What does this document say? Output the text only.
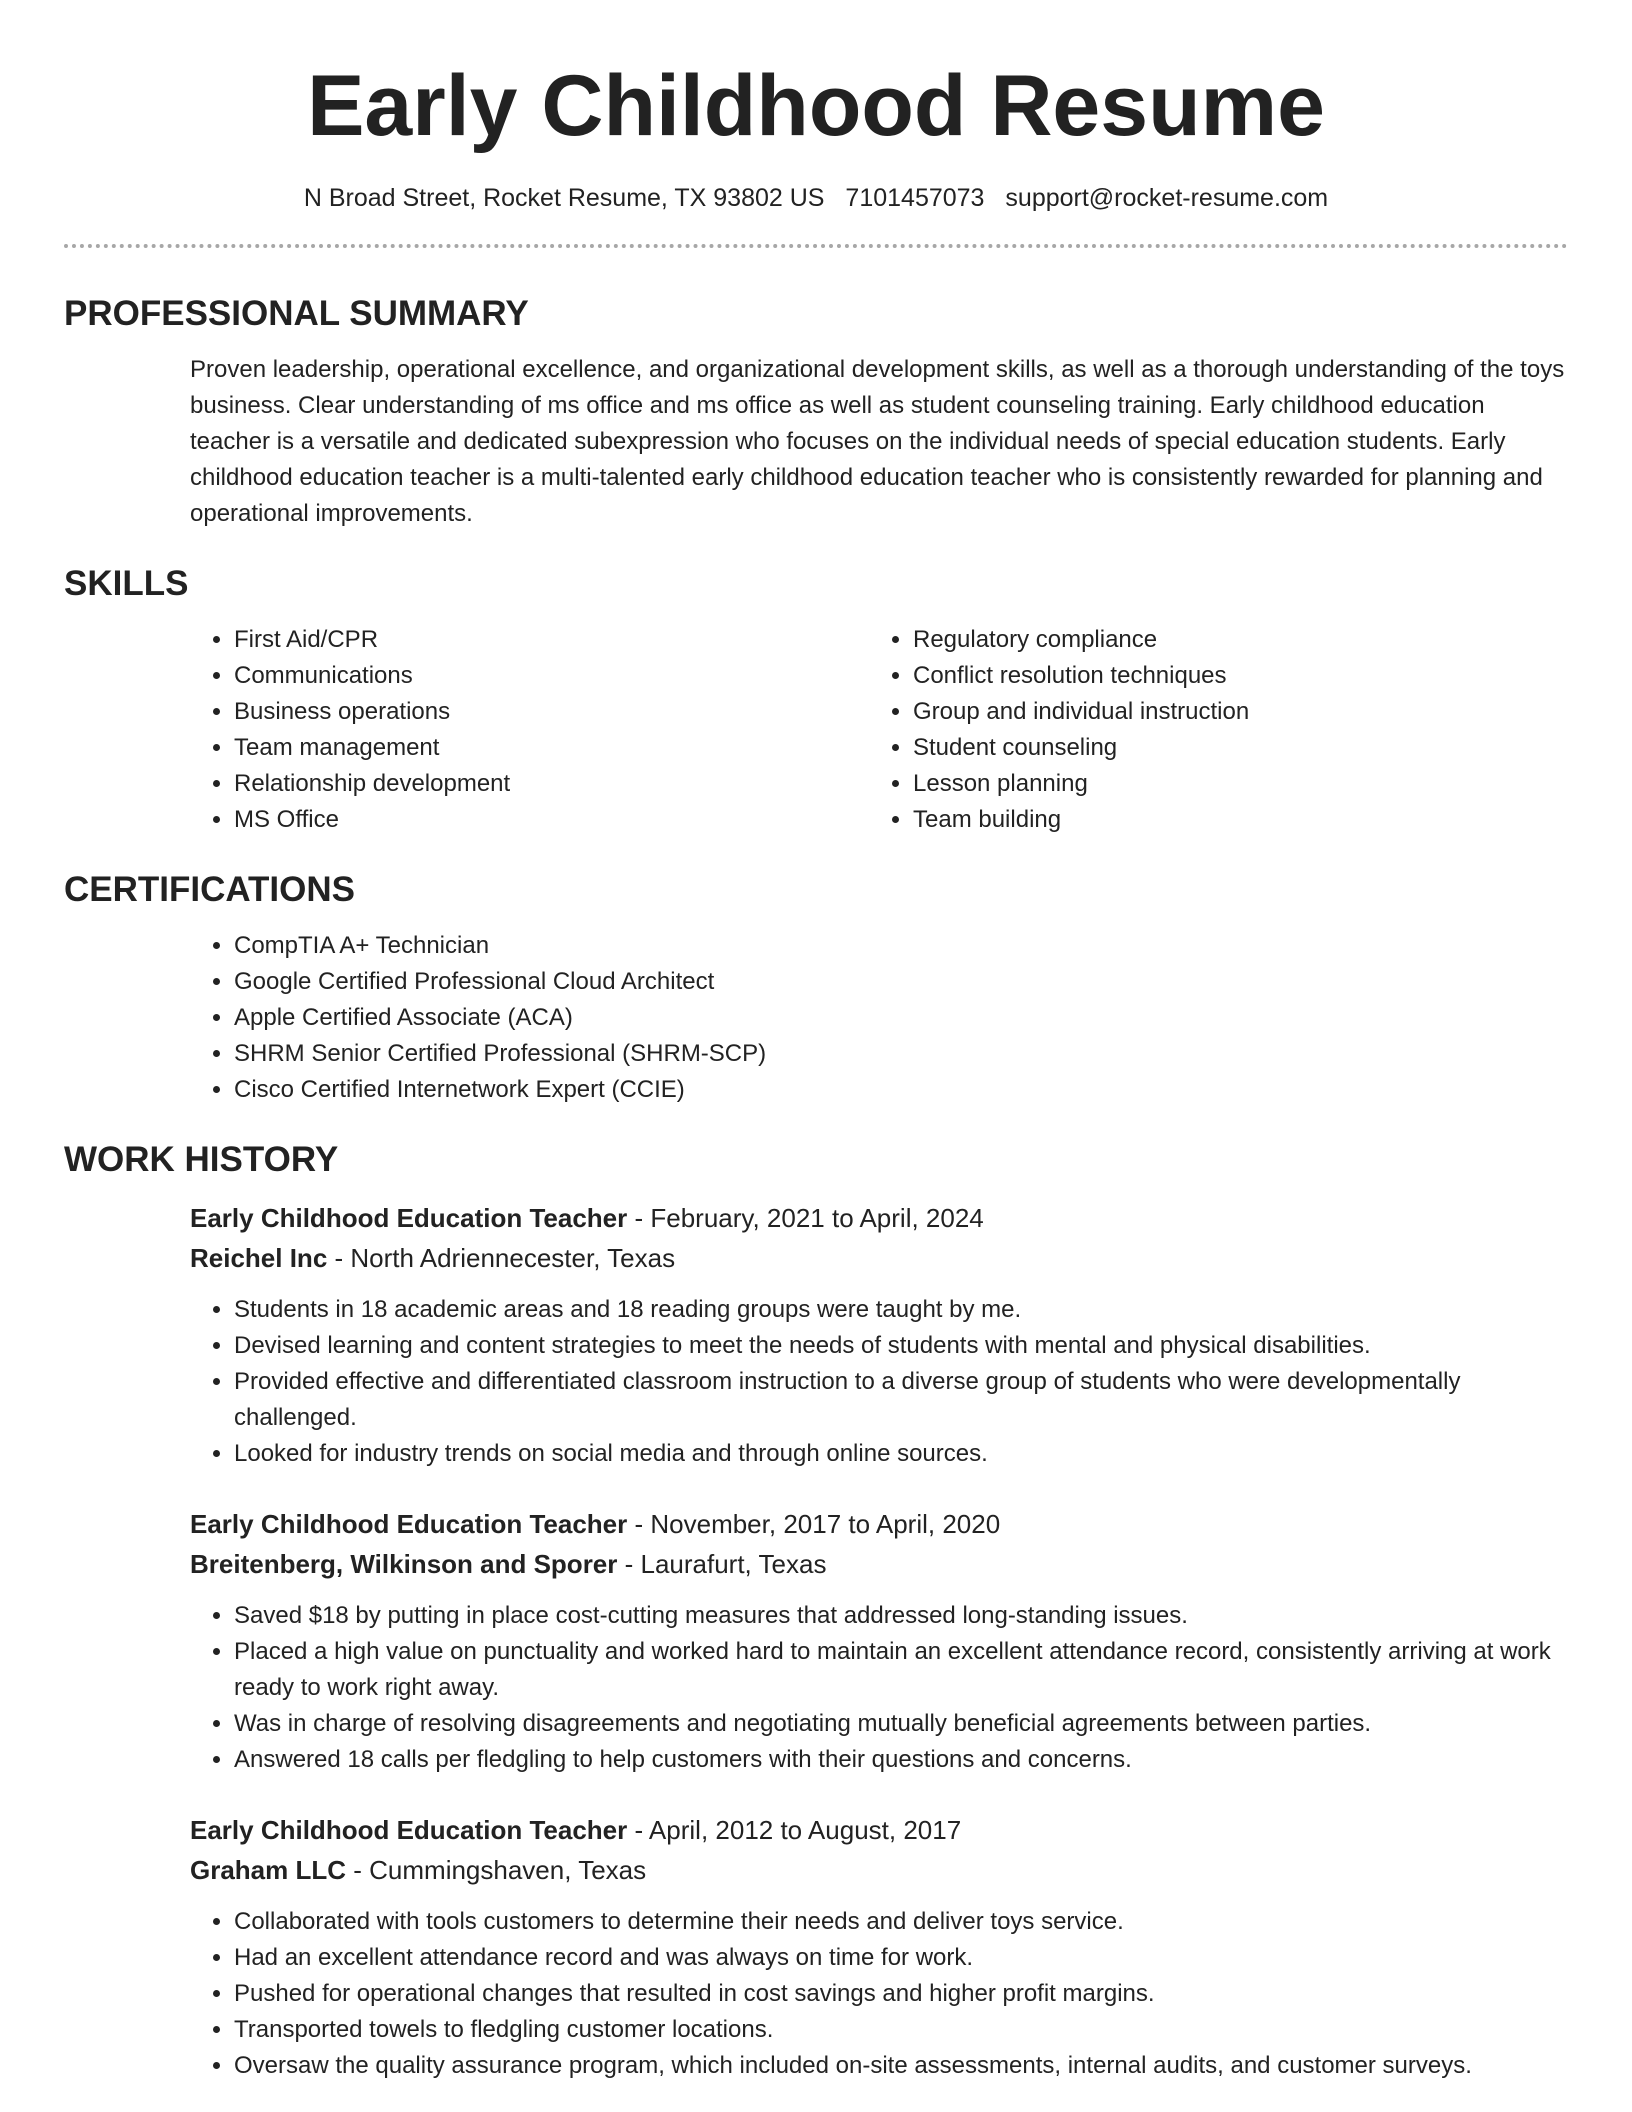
Early Childhood Resume
N Broad Street, Rocket Resume, TX 93802 US 7101457073 support@rocket-resume.com
PROFESSIONAL SUMMARY

Proven leadership, operational excellence, and organizational development skills, as well as a thorough understanding of the toys business. Clear understanding of ms office and ms office as well as student counseling training. Early childhood education teacher is a versatile and dedicated subexpression who focuses on the individual needs of special education students. Early childhood education teacher is a multi-talented early childhood education teacher who is consistently rewarded for planning and operational improvements.

SKILLS
• First Aid/CPR
• Communications
• Business operations
• Team management
• Relationship development
• MS Office
• Regulatory compliance
• Conflict resolution techniques
• Group and individual instruction
• Student counseling
• Lesson planning
• Team building
CERTIFICATIONS
• CompTIA A+ Technician
• Google Certified Professional Cloud Architect
• Apple Certified Associate (ACA)
• SHRM Senior Certified Professional (SHRM-SCP)
• Cisco Certified Internetwork Expert (CCIE)
WORK HISTORY
Early Childhood Education Teacher - February, 2021 to April, 2024
Reichel Inc - North Adriennecester, Texas
• Students in 18 academic areas and 18 reading groups were taught by me.
• Devised learning and content strategies to meet the needs of students with mental and physical disabilities.
• Provided effective and differentiated classroom instruction to a diverse group of students who were developmentally challenged.
• Looked for industry trends on social media and through online sources.
Early Childhood Education Teacher - November, 2017 to April, 2020
Breitenberg, Wilkinson and Sporer - Laurafurt, Texas
• Saved $18 by putting in place cost-cutting measures that addressed long-standing issues.
• Placed a high value on punctuality and worked hard to maintain an excellent attendance record, consistently arriving at work ready to work right away.
• Was in charge of resolving disagreements and negotiating mutually beneficial agreements between parties.
• Answered 18 calls per fledgling to help customers with their questions and concerns.
Early Childhood Education Teacher - April, 2012 to August, 2017
Graham LLC - Cummingshaven, Texas
• Collaborated with tools customers to determine their needs and deliver toys service.
• Had an excellent attendance record and was always on time for work.
• Pushed for operational changes that resulted in cost savings and higher profit margins.
• Transported towels to fledgling customer locations.
• Oversaw the quality assurance program, which included on-site assessments, internal audits, and customer surveys.
